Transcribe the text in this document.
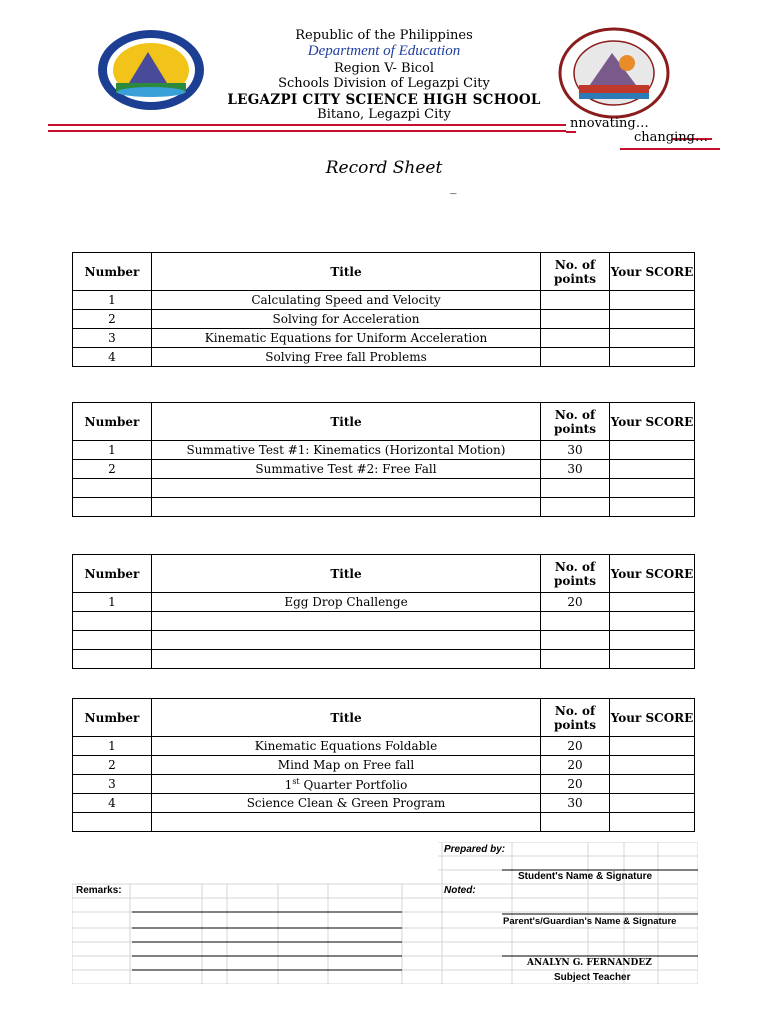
Republic of the Philippines
Department of Education
Region V- Bicol
Schools Division of Legazpi City
LEGAZPI CITY SCIENCE HIGH SCHOOL
Bitano, Legazpi City
nnovating…
changing…
Record Sheet
_
Number	Title	No. of points	Your SCORE
1	Calculating Speed and Velocity		
2	Solving for Acceleration		
3	Kinematic Equations for Uniform Acceleration		
4	Solving Free fall Problems		
Number	Title	No. of points	Your SCORE
1	Summative Test #1: Kinematics (Horizontal Motion)	30	
2	Summative Test #2: Free Fall	30	

Number	Title	No. of points	Your SCORE
1	Egg Drop Challenge	20	

Number	Title	No. of points	Your SCORE
1	Kinematic Equations Foldable	20	
2	Mind Map on Free fall	20	
3	1st Quarter Portfolio	20	
4	Science Clean & Green Program	30	

Prepared by:
Student's Name & Signature
Remarks:	Noted:
Parent's/Guardian's Name & Signature
ANALYN G. FERNANDEZ
Subject Teacher
